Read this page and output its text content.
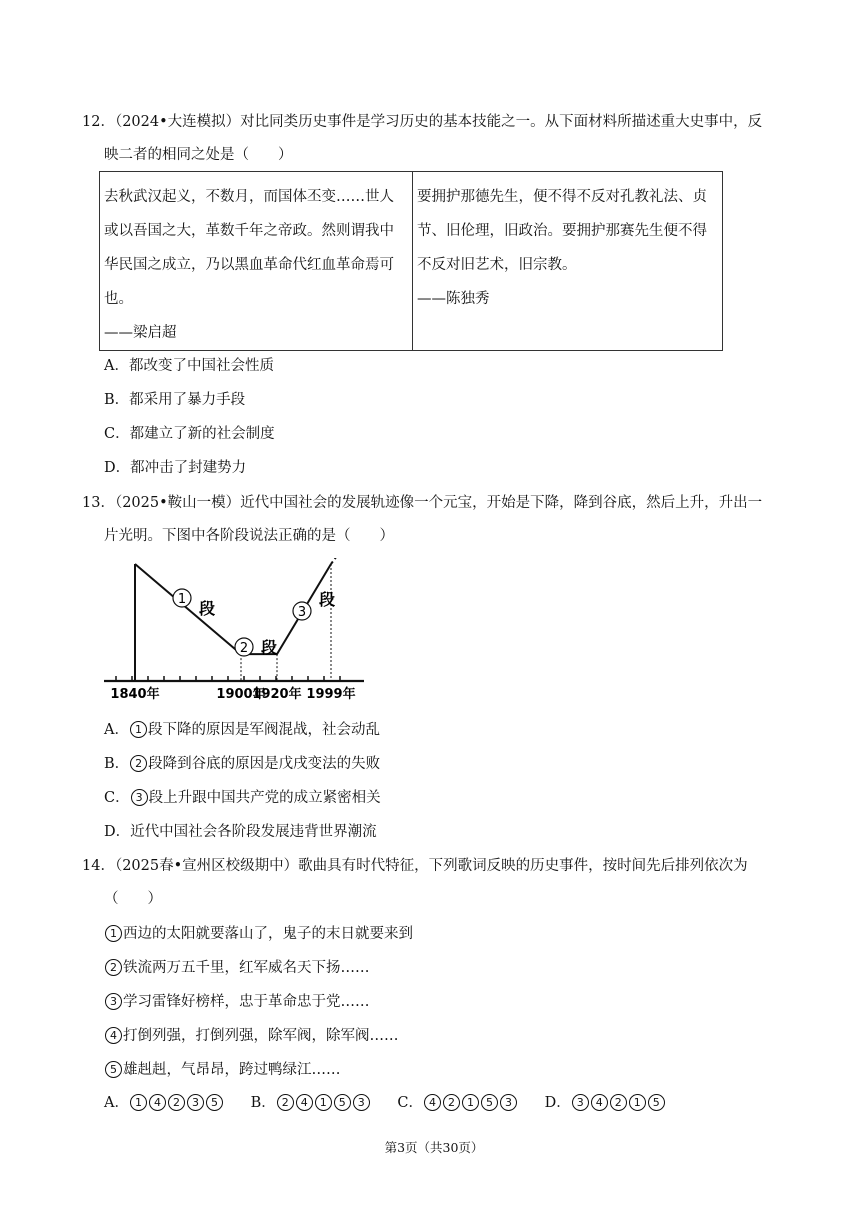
12．（2024•大连模拟）对比同类历史事件是学习历史的基本技能之一。从下面材料所描述重大史事中，反
映二者的相同之处是（　　）
去秋武汉起义，不数月，而国体丕变……世人
或以吾国之大，革数千年之帝政。然则谓我中
华民国之成立，乃以黑血革命代红血革命焉可
也。
——梁启超

要拥护那德先生，便不得不反对孔教礼法、贞
节、旧伦理，旧政治。要拥护那赛先生便不得
不反对旧艺术，旧宗教。
——陈独秀
A．都改变了中国社会性质
B．都采用了暴力手段
C．都建立了新的社会制度
D．都冲击了封建势力
13．（2025•鞍山一模）近代中国社会的发展轨迹像一个元宝，开始是下降，降到谷底，然后上升，升出一
片光明。下图中各阶段说法正确的是（　　）
1840年	1900年
1920年 1999年
1 段
2 段
3
段
A． 1 段下降的原因是军阀混战，社会动乱
B． 2 段降到谷底的原因是戊戌变法的失败
C． 3 段上升跟中国共产党的成立紧密相关
D．近代中国社会各阶段发展违背世界潮流
14．（2025春•宣州区校级期中）歌曲具有时代特征，下列歌词反映的历史事件，按时间先后排列依次为
（　　）
1 西边的太阳就要落山了，鬼子的末日就要来到
2 铁流两万五千里，红军威名天下扬……
3 学习雷锋好榜样，忠于革命忠于党……
4 打倒列强，打倒列强，除军阀，除军阀……
5 雄赳赳，气昂昂，跨过鸭绿江……
A． 1 4 2 3 5 B． 2 4 1 5 3 C． 4 2 1 5 3 D． 3 4 2 1 5
第3页（共30页）
